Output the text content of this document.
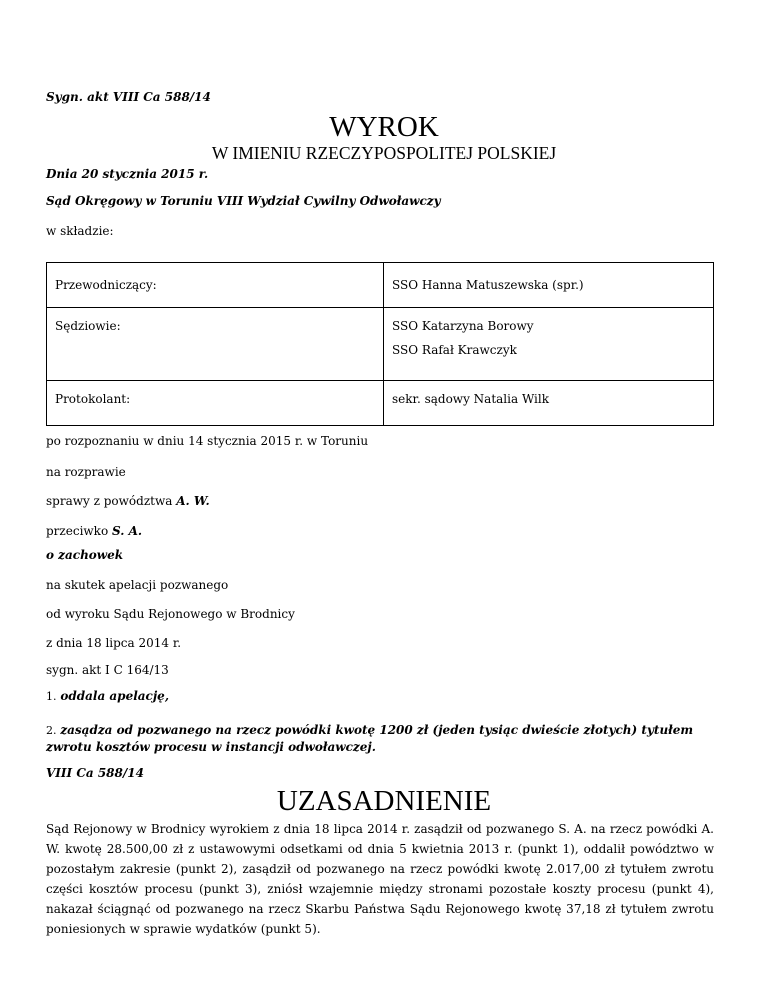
Sygn. akt VIII Ca 588/14
WYROK
W IMIENIU RZECZYPOSPOLITEJ POLSKIEJ
Dnia 20 stycznia 2015 r.
Sąd Okręgowy w Toruniu VIII Wydział Cywilny Odwoławczy
w składzie:
Przewodniczący:	SSO Hanna Matuszewska (spr.)

Sędziowie:	SSO Katarzyna Borowy
SSO Rafał Krawczyk

Protokolant:	sekr. sądowy Natalia Wilk
po rozpoznaniu w dniu 14 stycznia 2015 r. w Toruniu
na rozprawie
sprawy z powództwa A. W.
przeciwko S. A.
o zachowek
na skutek apelacji pozwanego
od wyroku Sądu Rejonowego w Brodnicy
z dnia 18 lipca 2014 r.
sygn. akt I C 164/13
1. oddala apelację,
2. zasądza od pozwanego na rzecz powódki kwotę 1200 zł (jeden tysiąc dwieście złotych) tytułem
zwrotu kosztów procesu w instancji odwoławczej.
VIII Ca 588/14
UZASADNIENIE
Sąd Rejonowy w Brodnicy wyrokiem z dnia 18 lipca 2014 r. zasądził od pozwanego S. A. na rzecz powódki A. W. kwotę 28.500,00 zł z ustawowymi odsetkami od dnia 5 kwietnia 2013 r. (punkt 1), oddalił powództwo w pozostałym zakresie (punkt 2), zasądził od pozwanego na rzecz powódki kwotę 2.017,00 zł tytułem zwrotu części kosztów procesu (punkt 3), zniósł wzajemnie między stronami pozostałe koszty procesu (punkt 4), nakazał ściągnąć od pozwanego na rzecz Skarbu Państwa Sądu Rejonowego kwotę 37,18 zł tytułem zwrotu poniesionych w sprawie wydatków (punkt 5).
